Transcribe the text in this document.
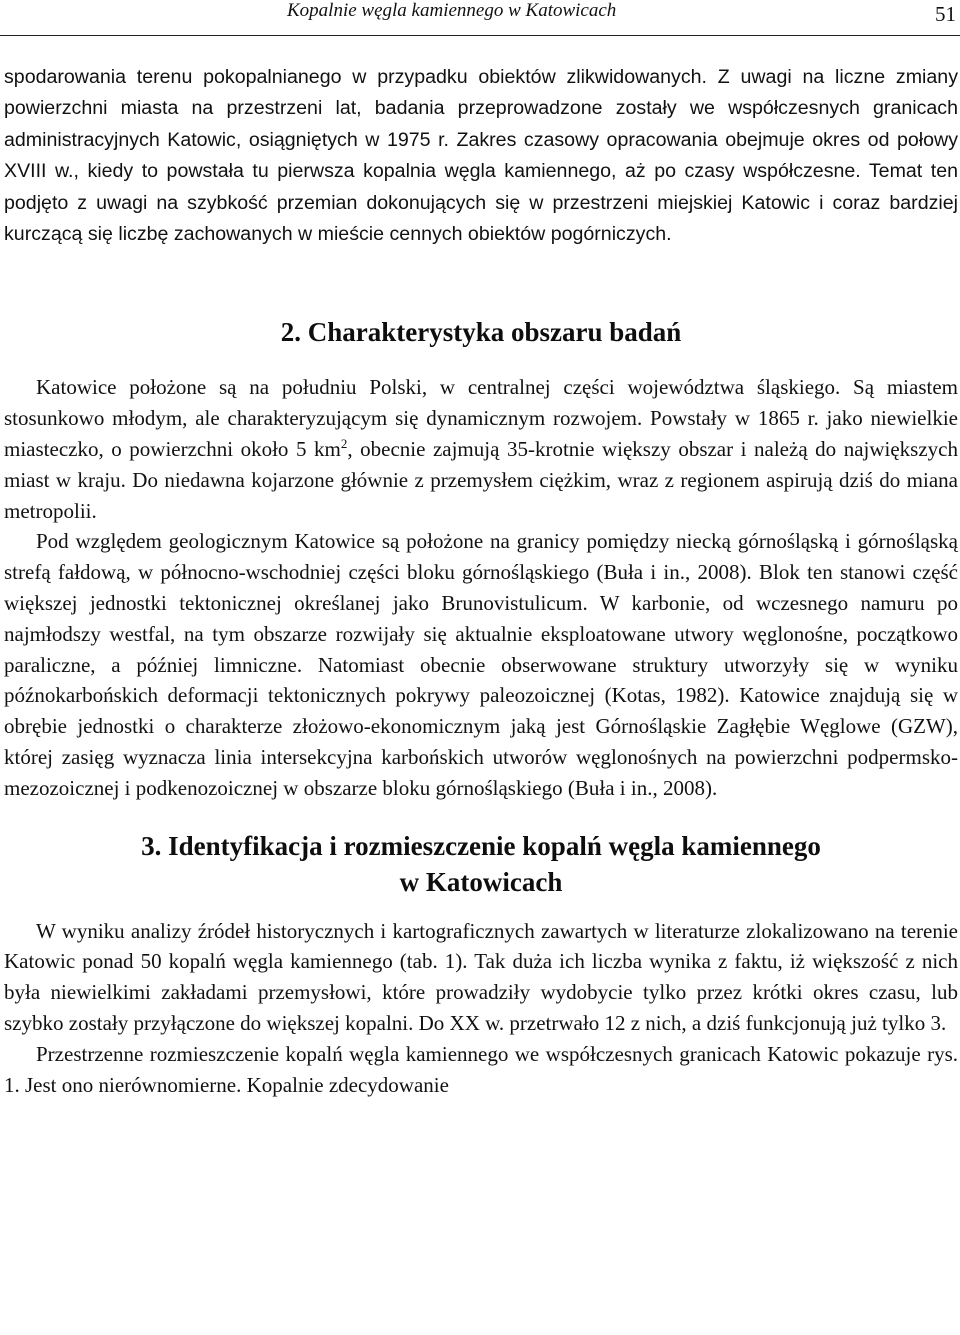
Kopalnie węgla kamiennego w Katowicach	51

spodarowania terenu pokopalnianego w przypadku obiektów zlikwidowanych. Z uwagi na liczne zmiany powierzchni miasta na przestrzeni lat, badania przeprowadzone zostały we współczesnych granicach administracyjnych Katowic, osiągniętych w 1975 r. Zakres czasowy opracowania obejmuje okres od połowy XVIII w., kiedy to powstała tu pierwsza kopalnia węgla kamiennego, aż po czasy współczesne. Temat ten podjęto z uwagi na szybkość przemian dokonujących się w przestrzeni miejskiej Katowic i coraz bardziej kurczącą się liczbę zachowanych w mieście cennych obiektów pogórniczych.

2. Charakterystyka obszaru badań

Katowice położone są na południu Polski, w centralnej części województwa śląskiego. Są miastem stosunkowo młodym, ale charakteryzującym się dynamicznym rozwojem. Powstały w 1865 r. jako niewielkie miasteczko, o powierzchni około 5 $km^2$, obecnie zajmują 35-krotnie większy obszar i należą do największych miast w kraju. Do niedawna kojarzone głównie z przemysłem ciężkim, wraz z regionem aspirują dziś do miana metropolii.

Pod względem geologicznym Katowice są położone na granicy pomiędzy niecką górnośląską i górnośląską strefą fałdową, w północno-wschodniej części bloku górnośląskiego (Buła i in., 2008). Blok ten stanowi część większej jednostki tektonicznej określanej jako Brunovistulicum. W karbonie, od wczesnego namuru po najmłodszy westfal, na tym obszarze rozwijały się aktualnie eksploatowane utwory węglonośne, początkowo paraliczne, a później limniczne. Natomiast obecnie obserwowane struktury utworzyły się w wyniku późnokarbońskich deformacji tektonicznych pokrywy paleozoicznej (Kotas, 1982). Katowice znajdują się w obrębie jednostki o charakterze złożowo-ekonomicznym jaką jest Górnośląskie Zagłębie Węglowe (GZW), której zasięg wyznacza linia intersekcyjna karbońskich utworów węglonośnych na powierzchni podpermsko-mezozoicznej i podkenozoicznej w obszarze bloku górnośląskiego (Buła i in., 2008).

3. Identyfikacja i rozmieszczenie kopalń węgla kamiennego
w Katowicach

W wyniku analizy źródeł historycznych i kartograficznych zawartych w literaturze zlokalizowano na terenie Katowic ponad 50 kopalń węgla kamiennego (tab. 1). Tak duża ich liczba wynika z faktu, iż większość z nich była niewielkimi zakładami przemysłowi, które prowadziły wydobycie tylko przez krótki okres czasu, lub szybko zostały przyłączone do większej kopalni. Do XX w. przetrwało 12 z nich, a dziś funkcjonują już tylko 3.

Przestrzenne rozmieszczenie kopalń węgla kamiennego we współczesnych granicach Katowic pokazuje rys. 1. Jest ono nierównomierne. Kopalnie zdecydowanie
